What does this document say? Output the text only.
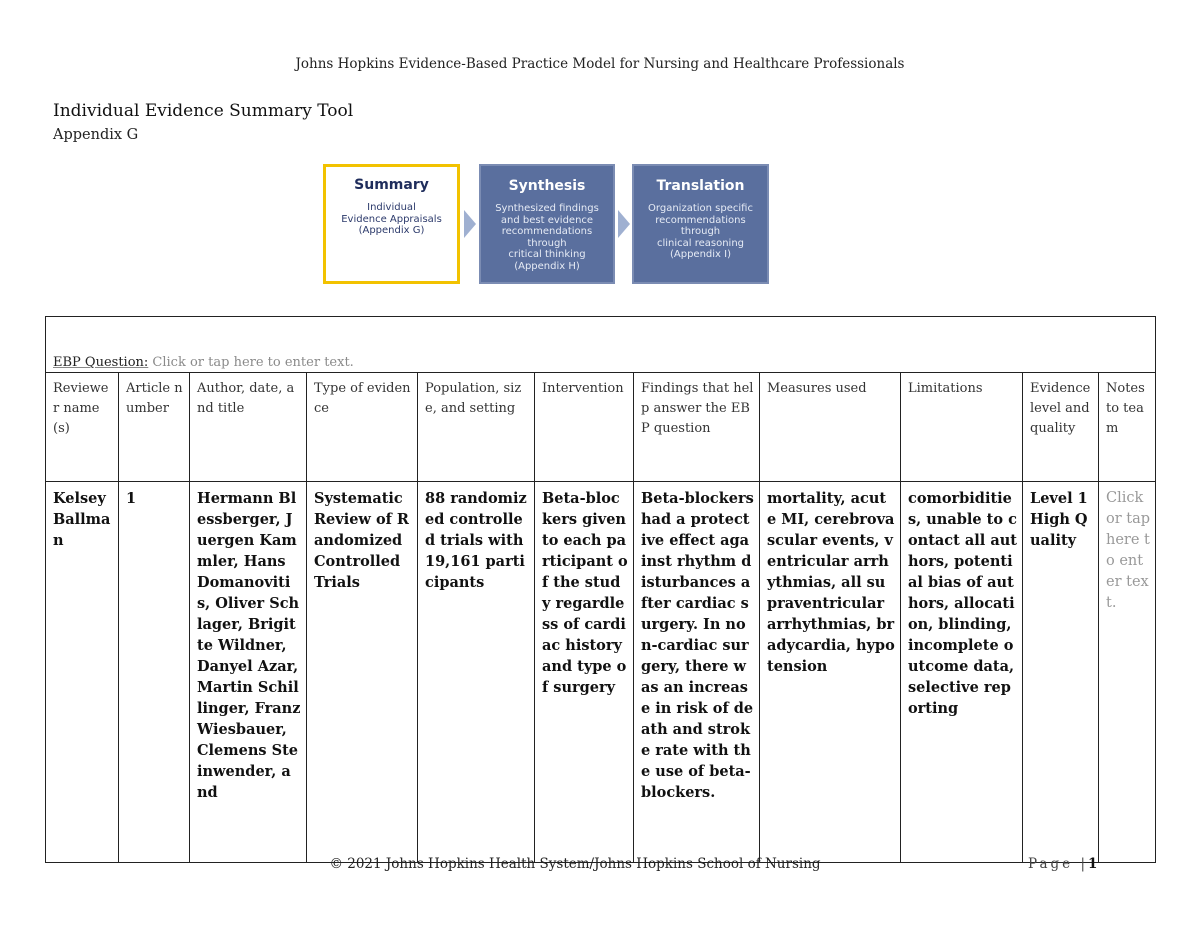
Johns Hopkins Evidence-Based Practice Model for Nursing and Healthcare Professionals
Individual Evidence Summary Tool
Appendix G
Summary
Individual
Evidence Appraisals
(Appendix G)
Synthesis
Synthesized findings
and best evidence
recommendations
through
critical thinking
(Appendix H)
Translation
Organization specific
recommendations
through
clinical reasoning
(Appendix I)
EBP Question: Click or tap here to enter text.										
Reviewer name(s)	Article number	Author, date, and title	Type of evidence	Population, size, and setting	Intervention	Findings that help answer the EBP question	Measures used	Limitations	Evidence level and quality	Notes to team
Kelsey Ballman	1	Hermann Blessberger, Juergen Kammler, Hans Domanovitis, Oliver Schlager, Brigitte Wildner, Danyel Azar, Martin Schillinger, Franz Wiesbauer, Clemens Steinwender, and	Systematic Review of Randomized Controlled Trials	88 randomized controlled trials with 19,161 participants	Beta-blockers given to each participant of the study regardless of cardiac history and type of surgery	Beta-blockers had a protective effect against rhythm disturbances after cardiac surgery. In non-cardiac surgery, there was an increase in risk of death and stroke rate with the use of beta-blockers.	mortality, acute MI, cerebrovascular events, ventricular arrhythmias, all supraventricular arrhythmias, bradycardia, hypotension	comorbidities, unable to contact all authors, potential bias of authors, allocation, blinding, incomplete outcome data, selective reporting	Level 1 High Quality	Click or tap here to enter text.
© 2021 Johns Hopkins Health System/Johns Hopkins School of Nursing	Page |1
